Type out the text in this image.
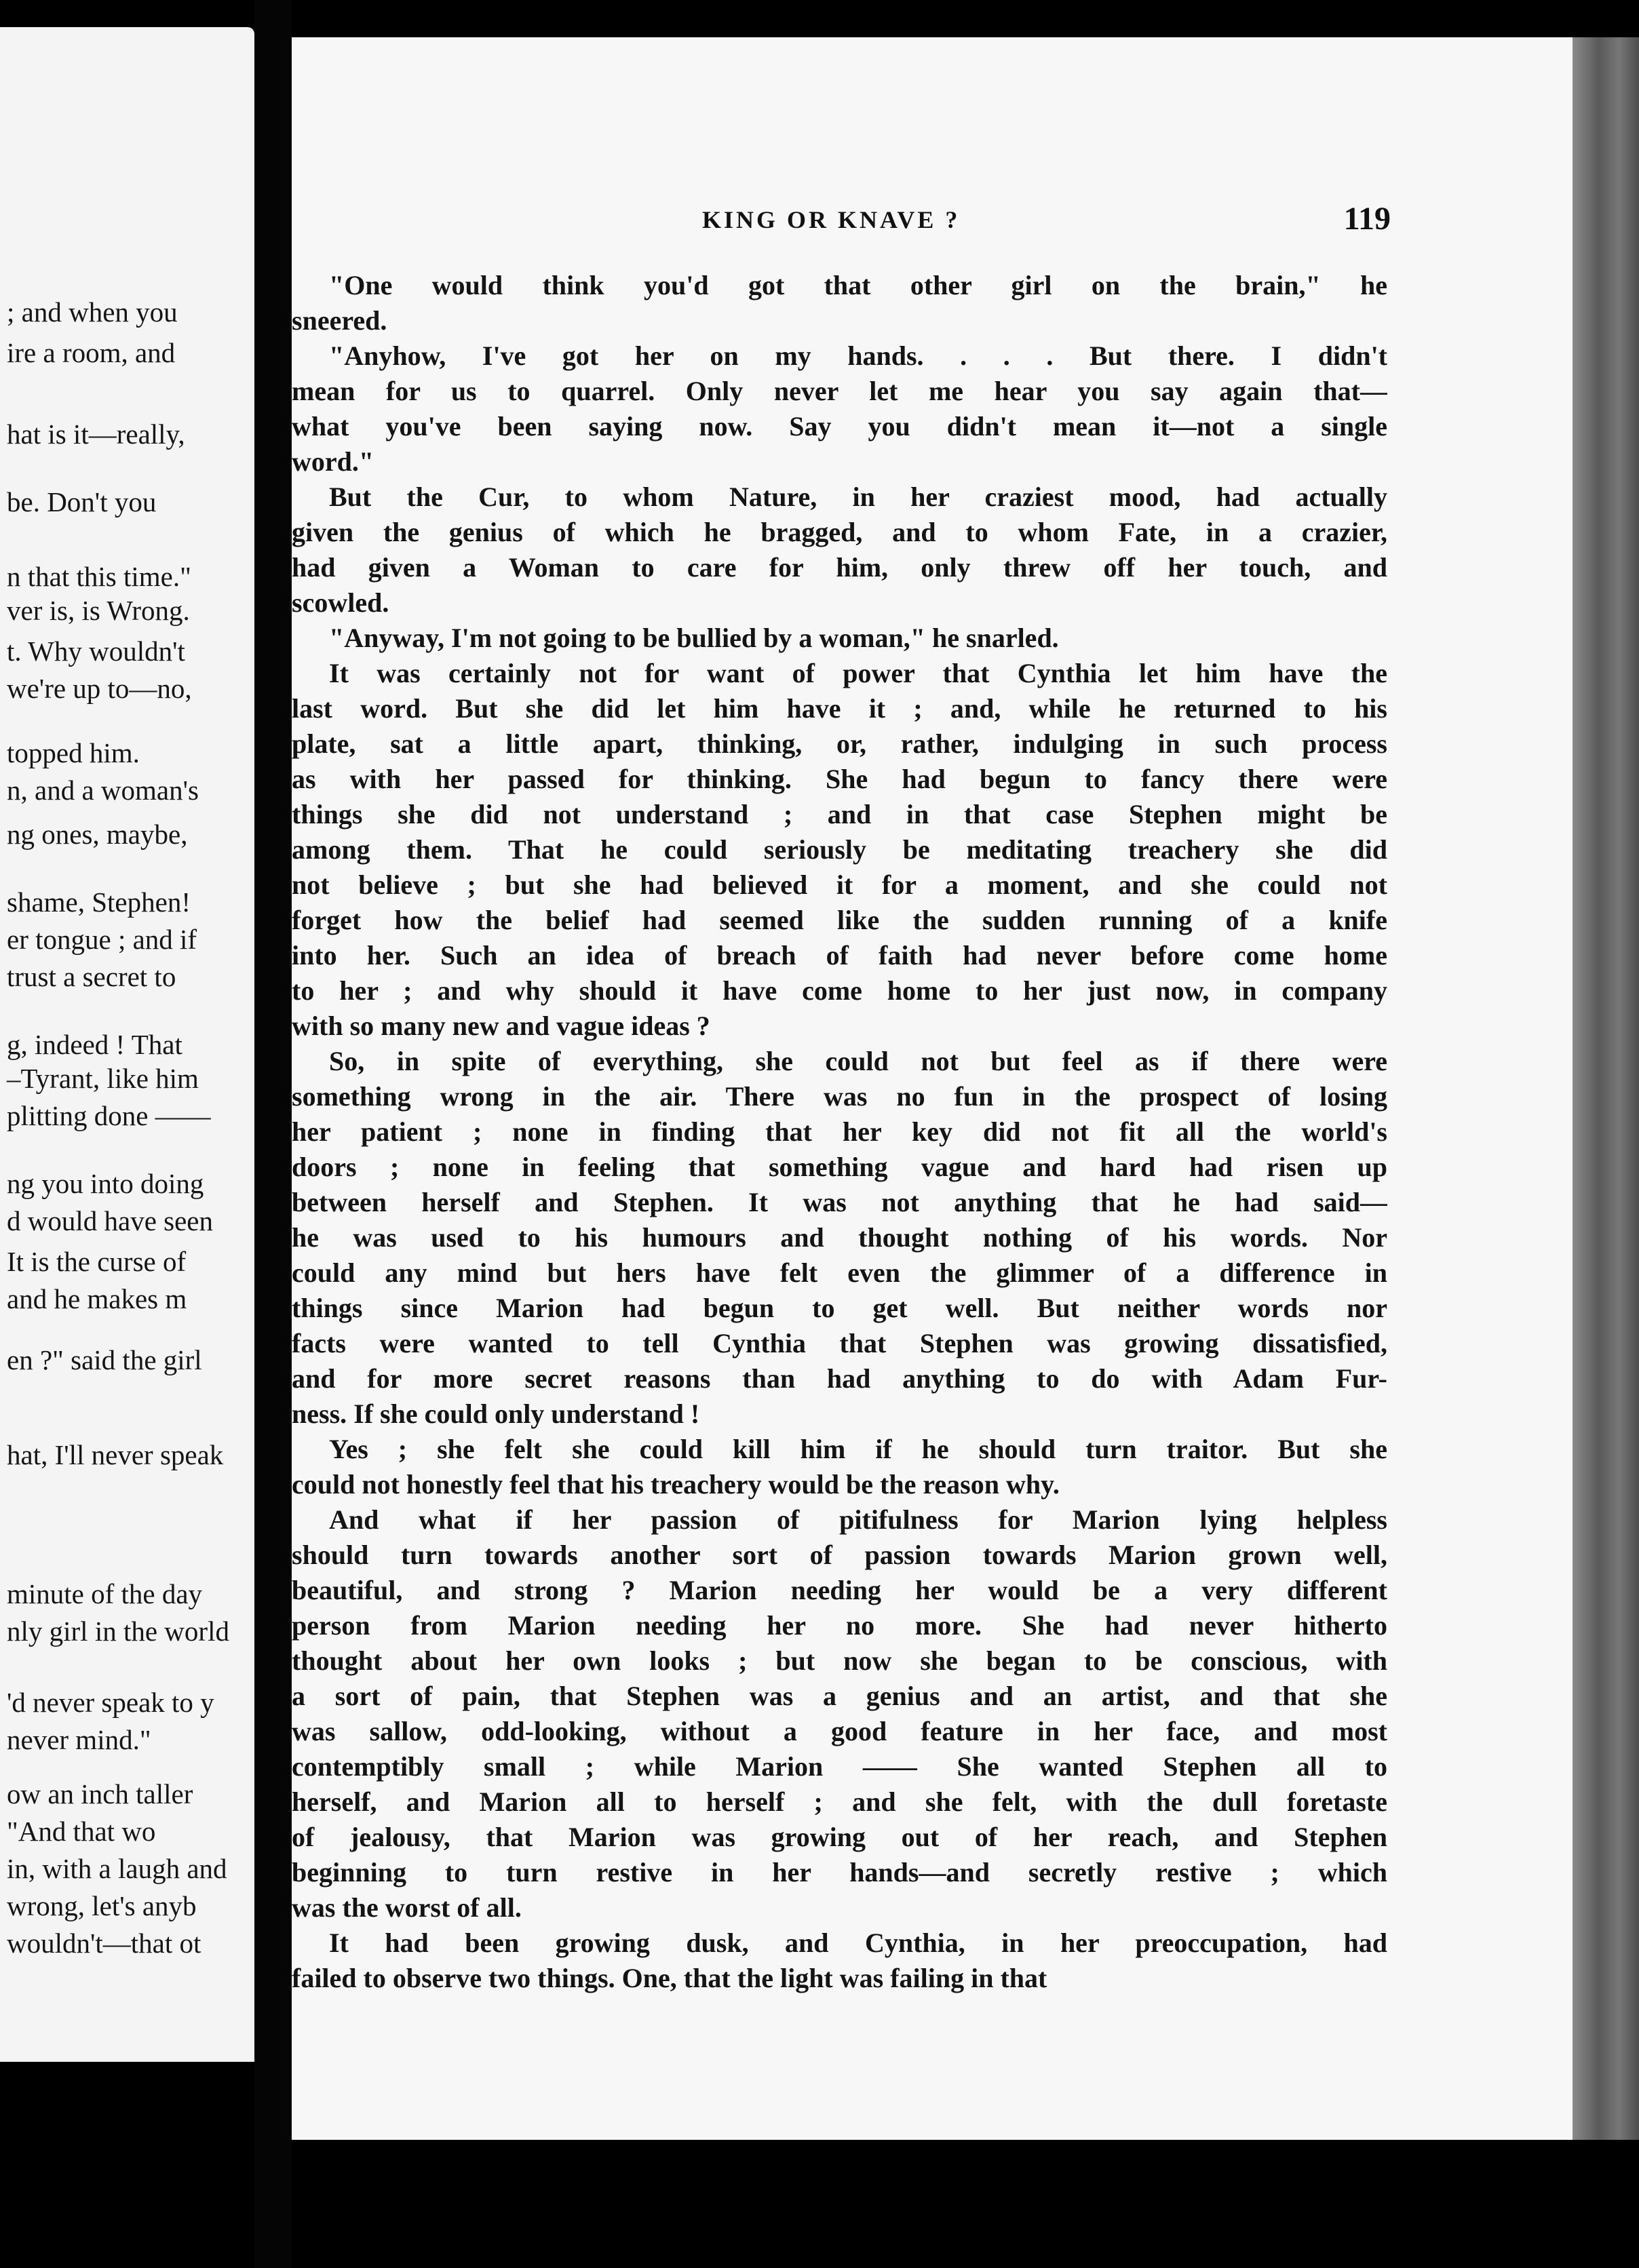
; and when you
ire a room, and
hat is it—really,
be. Don't you
n that this time."
ver is, is Wrong.
t. Why wouldn't
we're up to—no,
topped him.
n, and a woman's
ng ones, maybe,
shame, Stephen!
er tongue ; and if
trust a secret to
g, indeed ! That
–Tyrant, like him
plitting done ——
ng you into doing
d would have seen
It is the curse of
and he makes m
en ?" said the girl
hat, I'll never speak
minute of the day
nly girl in the world
'd never speak to y
never mind."
ow an inch taller
"And that wo
in, with a laugh and
wrong, let's anyb
wouldn't—that ot
KING OR KNAVE ?	119
"One would think you'd got that other girl on the brain," he
sneered.
"Anyhow, I've got her on my hands. . . . But there. I didn't
mean for us to quarrel. Only never let me hear you say again that—
what you've been saying now. Say you didn't mean it—not a single
word."
But the Cur, to whom Nature, in her craziest mood, had actually
given the genius of which he bragged, and to whom Fate, in a crazier,
had given a Woman to care for him, only threw off her touch, and
scowled.
"Anyway, I'm not going to be bullied by a woman," he snarled.
It was certainly not for want of power that Cynthia let him have the
last word. But she did let him have it ; and, while he returned to his
plate, sat a little apart, thinking, or, rather, indulging in such process
as with her passed for thinking. She had begun to fancy there were
things she did not understand ; and in that case Stephen might be
among them. That he could seriously be meditating treachery she did
not believe ; but she had believed it for a moment, and she could not
forget how the belief had seemed like the sudden running of a knife
into her. Such an idea of breach of faith had never before come home
to her ; and why should it have come home to her just now, in company
with so many new and vague ideas ?
So, in spite of everything, she could not but feel as if there were
something wrong in the air. There was no fun in the prospect of losing
her patient ; none in finding that her key did not fit all the world's
doors ; none in feeling that something vague and hard had risen up
between herself and Stephen. It was not anything that he had said—
he was used to his humours and thought nothing of his words. Nor
could any mind but hers have felt even the glimmer of a difference in
things since Marion had begun to get well. But neither words nor
facts were wanted to tell Cynthia that Stephen was growing dissatisfied,
and for more secret reasons than had anything to do with Adam Fur-
ness. If she could only understand !
Yes ; she felt she could kill him if he should turn traitor. But she
could not honestly feel that his treachery would be the reason why.
And what if her passion of pitifulness for Marion lying helpless
should turn towards another sort of passion towards Marion grown well,
beautiful, and strong ? Marion needing her would be a very different
person from Marion needing her no more. She had never hitherto
thought about her own looks ; but now she began to be conscious, with
a sort of pain, that Stephen was a genius and an artist, and that she
was sallow, odd-looking, without a good feature in her face, and most
contemptibly small ; while Marion —— She wanted Stephen all to
herself, and Marion all to herself ; and she felt, with the dull foretaste
of jealousy, that Marion was growing out of her reach, and Stephen
beginning to turn restive in her hands—and secretly restive ; which
was the worst of all.
It had been growing dusk, and Cynthia, in her preoccupation, had
failed to observe two things. One, that the light was failing in that
